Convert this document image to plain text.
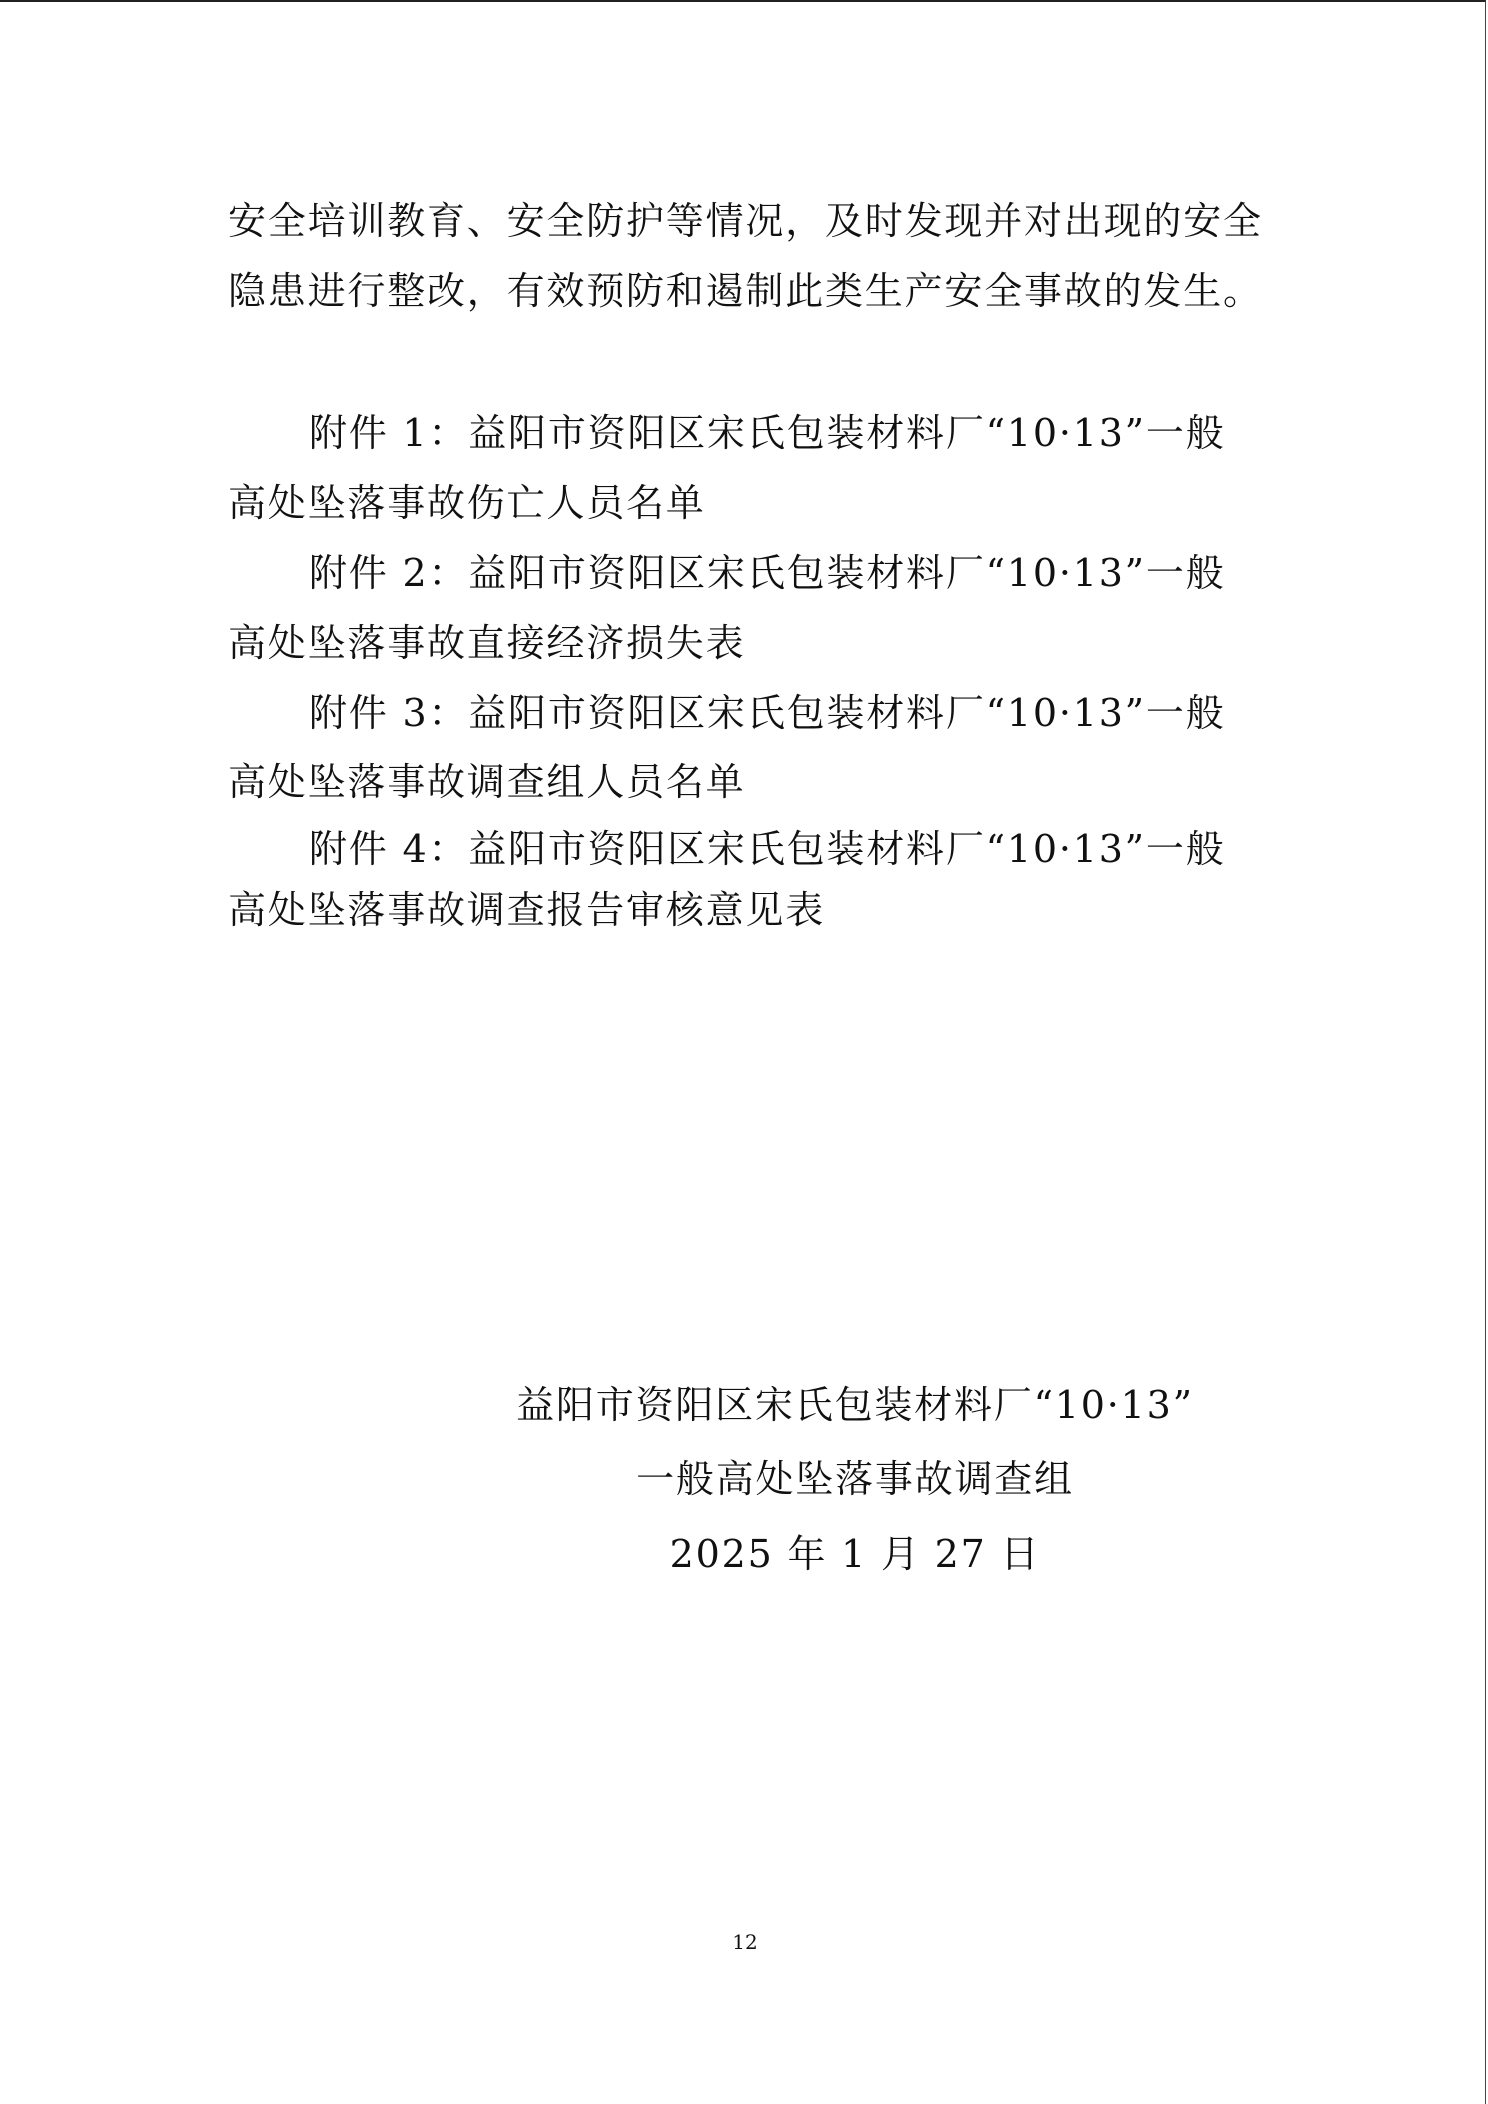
安全培训教育、安全防护等情况，及时发现并对出现的安全
隐患进行整改，有效预防和遏制此类生产安全事故的发生。
附件 1：益阳市资阳区宋氏包装材料厂“10·13”一般
高处坠落事故伤亡人员名单
附件 2：益阳市资阳区宋氏包装材料厂“10·13”一般
高处坠落事故直接经济损失表
附件 3：益阳市资阳区宋氏包装材料厂“10·13”一般
高处坠落事故调查组人员名单
附件 4：益阳市资阳区宋氏包装材料厂“10·13”一般
高处坠落事故调查报告审核意见表
益阳市资阳区宋氏包装材料厂“10·13”
一般高处坠落事故调查组
2025 年 1 月 27 日
12
